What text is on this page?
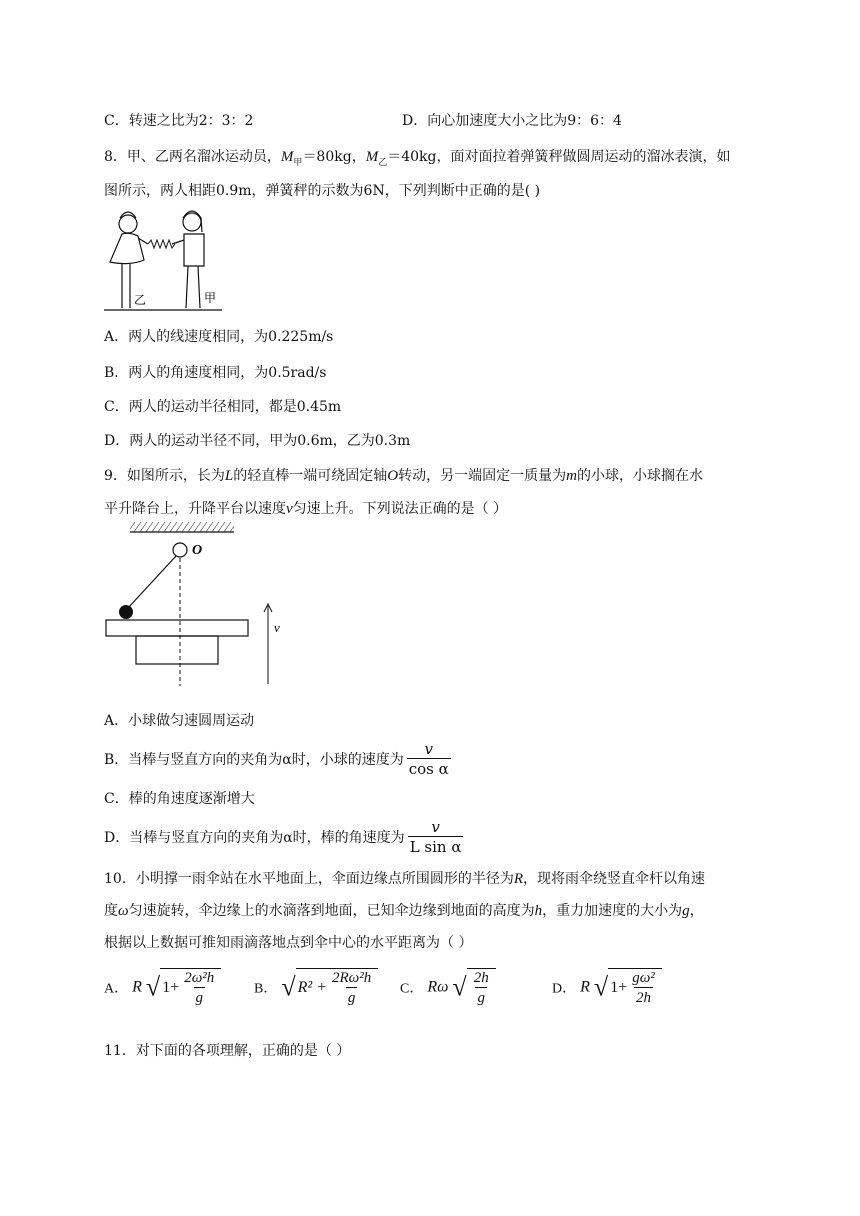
C．转速之比为2：3：2	D．向心加速度大小之比为9：6：4
8．甲、乙两名溜冰运动员，$M_甲=80kg$，$M_乙=40kg$，面对面拉着弹簧秤做圆周运动的溜冰表演，如
图所示，两人相距0.9m，弹簧秤的示数为6N，下列判断中正确的是( )
乙	甲
A．两人的线速度相同，为0.225m/s
B．两人的角速度相同，为0.5rad/s
C．两人的运动半径相同，都是0.45m
D．两人的运动半径不同，甲为0.6m，乙为0.3m
9．如图所示，长为L的轻直棒一端可绕固定轴O转动，另一端固定一质量为m的小球，小球搁在水
平升降台上，升降平台以速度v匀速上升。下列说法正确的是（ ）
O
v
A．小球做匀速圆周运动
B．当棒与竖直方向的夹角为α时，小球的速度为 $\frac{v}{\text{cos α}}$
C．棒的角速度逐渐增大
D．当棒与竖直方向的夹角为α时，棒的角速度为 $\frac{v}{\text{L sin α}}$
10．小明撑一雨伞站在水平地面上，伞面边缘点所围圆形的半径为R，现将雨伞绕竖直伞杆以角速
度ω匀速旋转，伞边缘上的水滴落到地面，已知伞边缘到地面的高度为h，重力加速度的大小为g，
根据以上数据可推知雨滴落地点到伞中心的水平距离为（ ）
A． R √ $1+ \frac{\text{2ω²h}}{g}$	B． √ $R^2 + \frac{\text{2Rω²h}}{g}$ C． Rω √ $\frac{2h}{g}$	D． R √ $1+ \frac{\text{gω²}}{2h}$
11．对下面的各项理解，正确的是（ ）
